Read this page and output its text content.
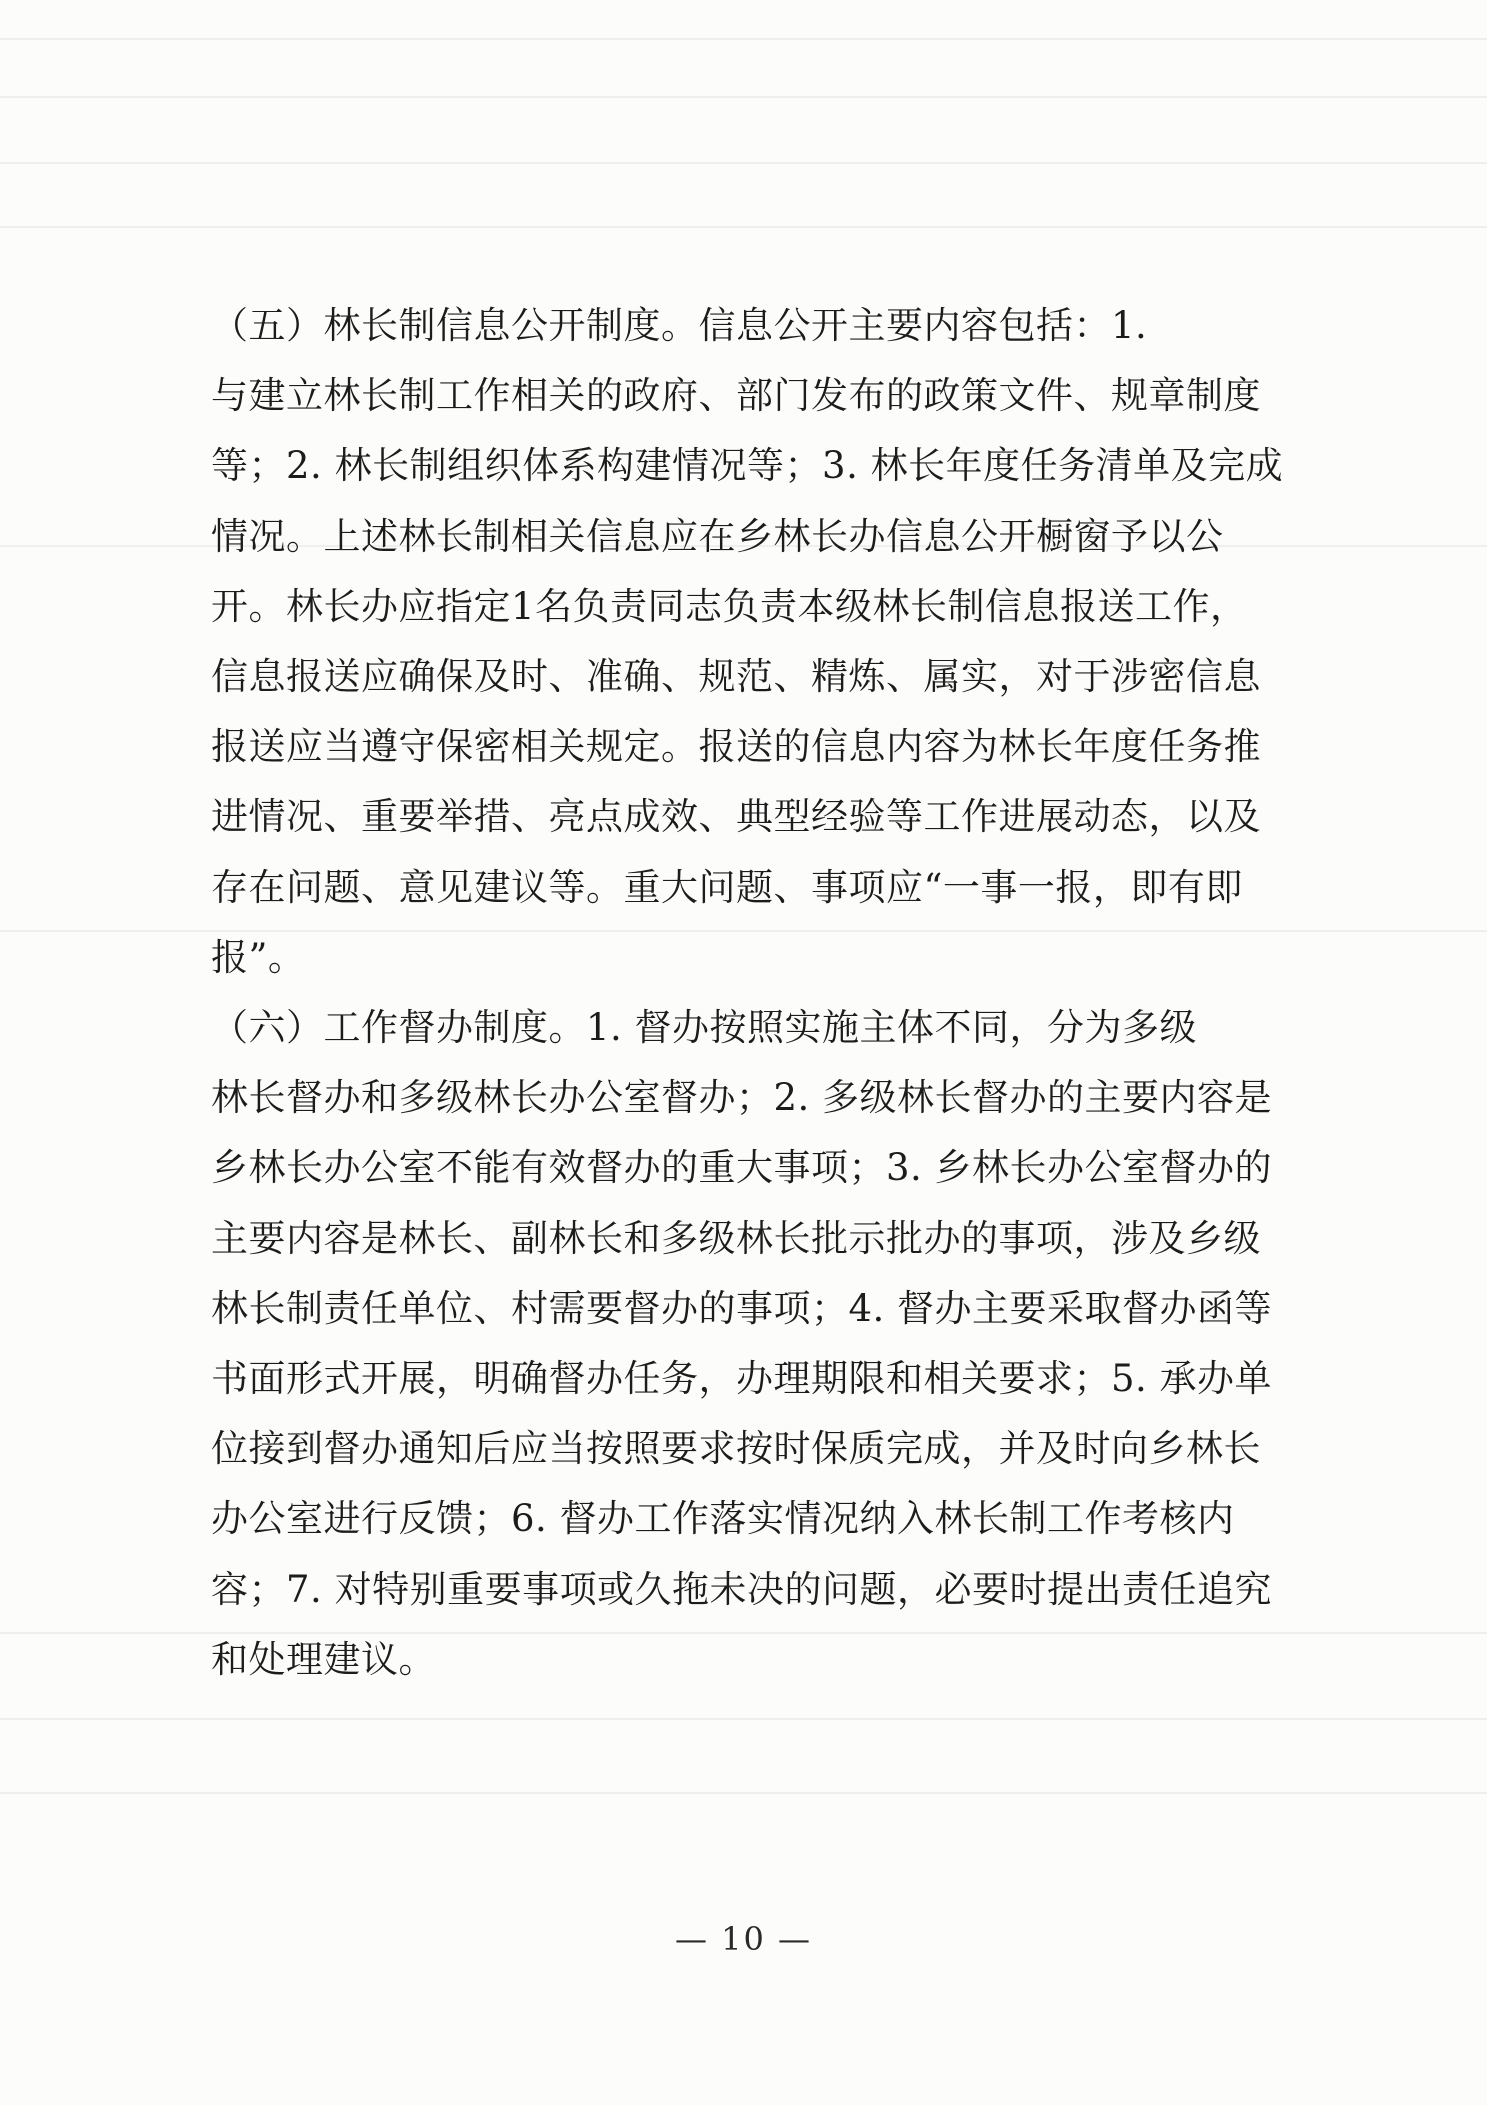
（五）林长制信息公开制度。信息公开主要内容包括：1.
与建立林长制工作相关的政府、部门发布的政策文件、规章制度
等；2. 林长制组织体系构建情况等；3. 林长年度任务清单及完成
情况。上述林长制相关信息应在乡林长办信息公开橱窗予以公
开。林长办应指定1名负责同志负责本级林长制信息报送工作，
信息报送应确保及时、准确、规范、精炼、属实，对于涉密信息
报送应当遵守保密相关规定。报送的信息内容为林长年度任务推
进情况、重要举措、亮点成效、典型经验等工作进展动态，以及
存在问题、意见建议等。重大问题、事项应“一事一报，即有即
报”。

（六）工作督办制度。1. 督办按照实施主体不同，分为多级
林长督办和多级林长办公室督办；2. 多级林长督办的主要内容是
乡林长办公室不能有效督办的重大事项；3. 乡林长办公室督办的
主要内容是林长、副林长和多级林长批示批办的事项，涉及乡级
林长制责任单位、村需要督办的事项；4. 督办主要采取督办函等
书面形式开展，明确督办任务，办理期限和相关要求；5. 承办单
位接到督办通知后应当按照要求按时保质完成，并及时向乡林长
办公室进行反馈；6. 督办工作落实情况纳入林长制工作考核内
容；7. 对特别重要事项或久拖未决的问题，必要时提出责任追究
和处理建议。

— 10 —
